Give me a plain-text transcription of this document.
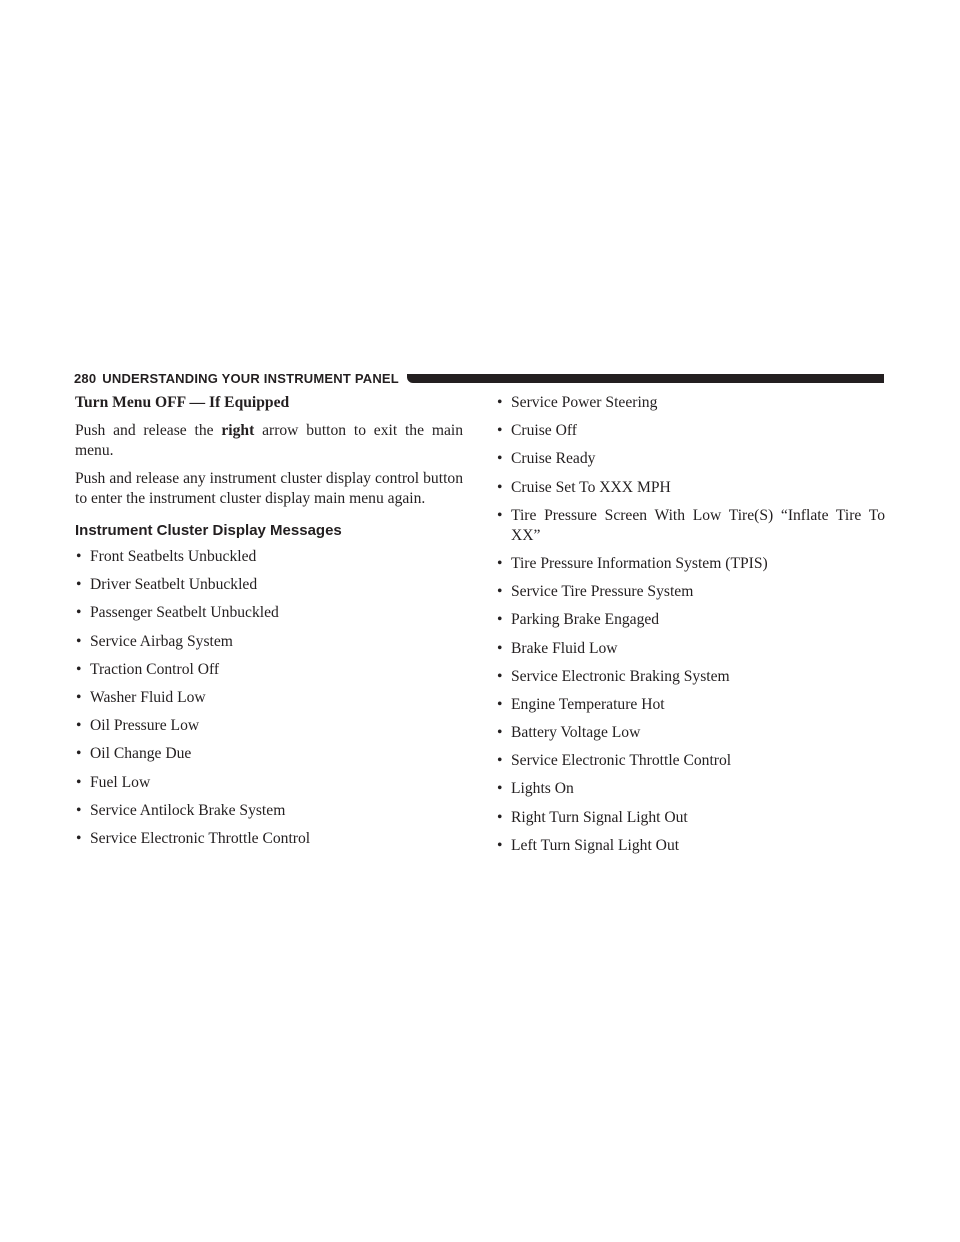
280 UNDERSTANDING YOUR INSTRUMENT PANEL
Turn Menu OFF — If Equipped

Push and release the right arrow button to exit the main menu.

Push and release any instrument cluster display control button to enter the instrument cluster display main menu again.

Instrument Cluster Display Messages
• Front Seatbelts Unbuckled
• Driver Seatbelt Unbuckled
• Passenger Seatbelt Unbuckled
• Service Airbag System
• Traction Control Off
• Washer Fluid Low
• Oil Pressure Low
• Oil Change Due
• Fuel Low
• Service Antilock Brake System
• Service Electronic Throttle Control
• Service Power Steering
• Cruise Off
• Cruise Ready
• Cruise Set To XXX MPH
• Tire Pressure Screen With Low Tire(S) “Inflate Tire To XX”
• Tire Pressure Information System (TPIS)
• Service Tire Pressure System
• Parking Brake Engaged
• Brake Fluid Low
• Service Electronic Braking System
• Engine Temperature Hot
• Battery Voltage Low
• Service Electronic Throttle Control
• Lights On
• Right Turn Signal Light Out
• Left Turn Signal Light Out
